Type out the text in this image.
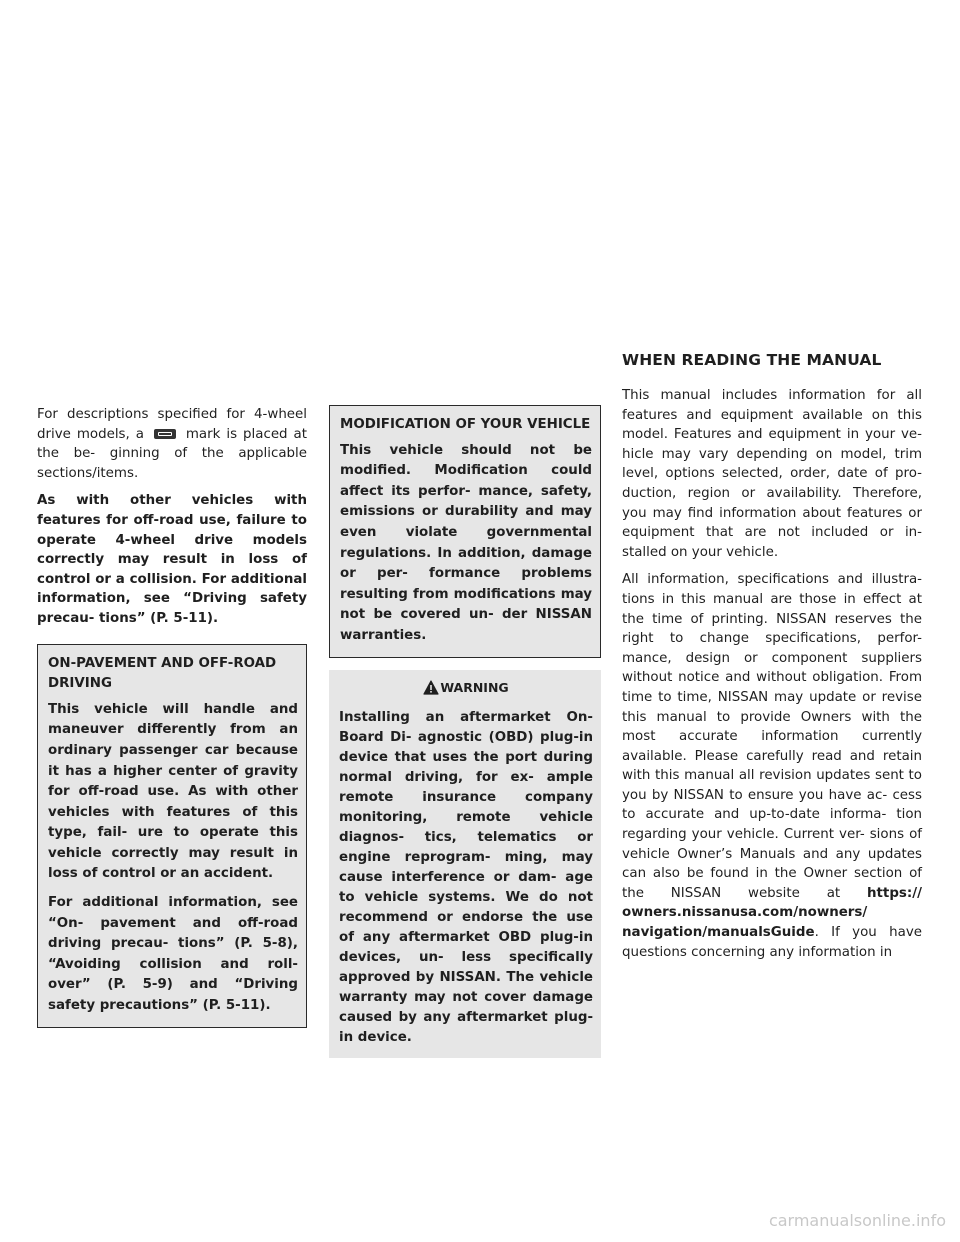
WHEN READING THE MANUAL

For descriptions specified for 4-wheel drive models, a	mark is placed at the be- ginning of the applicable sections/items.

As with other vehicles with features for off-road use, failure to operate 4-wheel drive models correctly may result in loss of control or a collision. For additional information, see “Driving safety precau- tions” (P. 5-11).

ON-PAVEMENT AND OFF-ROAD DRIVING

This vehicle will handle and maneuver differently from an ordinary passenger car because it has a higher center of gravity for off-road use. As with other vehicles with features of this type, fail- ure to operate this vehicle correctly may result in loss of control or an accident.

For additional information, see “On- pavement and off-road driving precau- tions” (P. 5-8), “Avoiding collision and roll- over” (P. 5-9) and “Driving safety precautions” (P. 5-11).

MODIFICATION OF YOUR VEHICLE

This vehicle should not be modified. Modification could affect its perfor- mance, safety, emissions or durability and may even violate governmental regulations. In addition, damage or per- formance problems resulting from modifications may not be covered un- der NISSAN warranties.

WARNING

Installing an aftermarket On-Board Di- agnostic (OBD) plug-in device that uses the port during normal driving, for ex- ample remote insurance company monitoring, remote vehicle diagnos- tics, telematics or engine reprogram- ming, may cause interference or dam- age to vehicle systems. We do not recommend or endorse the use of any aftermarket OBD plug-in devices, un- less specifically approved by NISSAN. The vehicle warranty may not cover damage caused by any aftermarket plug-in device.

This manual includes information for all features and equipment available on this model. Features and equipment in your ve- hicle may vary depending on model, trim level, options selected, order, date of pro- duction, region or availability. Therefore, you may find information about features or equipment that are not included or in- stalled on your vehicle.

All information, specifications and illustra- tions in this manual are those in effect at the time of printing. NISSAN reserves the right to change specifications, perfor- mance, design or component suppliers without notice and without obligation. From time to time, NISSAN may update or revise this manual to provide Owners with the most accurate information currently available. Please carefully read and retain with this manual all revision updates sent to you by NISSAN to ensure you have ac- cess to accurate and up-to-date informa- tion regarding your vehicle. Current ver- sions of vehicle Owner’s Manuals and any updates can also be found in the Owner section of the NISSAN website at https:// owners.nissanusa.com/nowners/ navigation/manualsGuide. If you have questions concerning any information in

carmanualsonline.info
